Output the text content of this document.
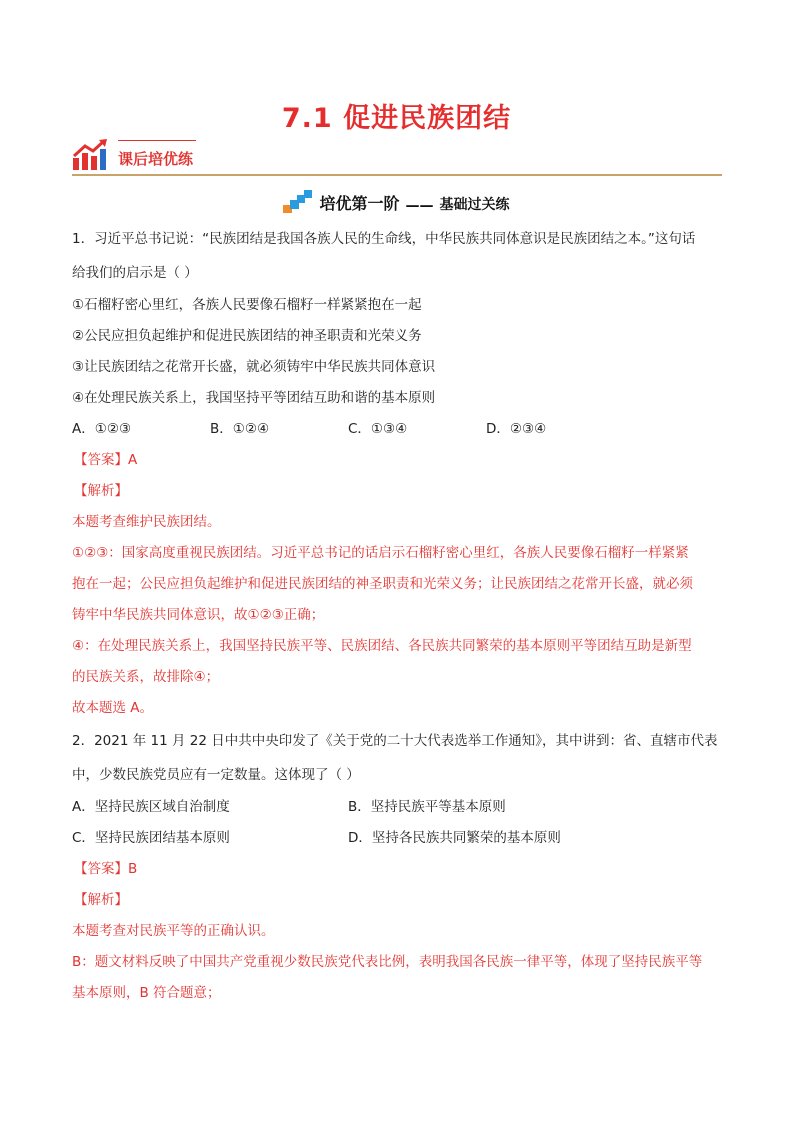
7.1 促进民族团结
课后培优练
培优第一阶 —— 基础过关练
1．习近平总书记说：“民族团结是我国各族人民的生命线，中华民族共同体意识是民族团结之本。”这句话
给我们的启示是（ ）
①石榴籽密心里红，各族人民要像石榴籽一样紧紧抱在一起
②公民应担负起维护和促进民族团结的神圣职责和光荣义务
③让民族团结之花常开长盛，就必须铸牢中华民族共同体意识
④在处理民族关系上，我国坚持平等团结互助和谐的基本原则
A．①②③	B．①②④	C．①③④	D．②③④
【答案】A
【解析】
本题考查维护民族团结。
①②③：国家高度重视民族团结。习近平总书记的话启示石榴籽密心里红，各族人民要像石榴籽一样紧紧
抱在一起；公民应担负起维护和促进民族团结的神圣职责和光荣义务；让民族团结之花常开长盛，就必须
铸牢中华民族共同体意识，故①②③正确；
④：在处理民族关系上，我国坚持民族平等、民族团结、各民族共同繁荣的基本原则平等团结互助是新型
的民族关系，故排除④；
故本题选 A。
2．2021 年 11 月 22 日中共中央印发了《关于党的二十大代表选举工作通知》，其中讲到：省、直辖市代表
中，少数民族党员应有一定数量。这体现了（ ）
A．坚持民族区域自治制度	B．坚持民族平等基本原则
C．坚持民族团结基本原则	D．坚持各民族共同繁荣的基本原则
【答案】B
【解析】
本题考查对民族平等的正确认识。
B：题文材料反映了中国共产党重视少数民族党代表比例，表明我国各民族一律平等，体现了坚持民族平等
基本原则，B 符合题意；
